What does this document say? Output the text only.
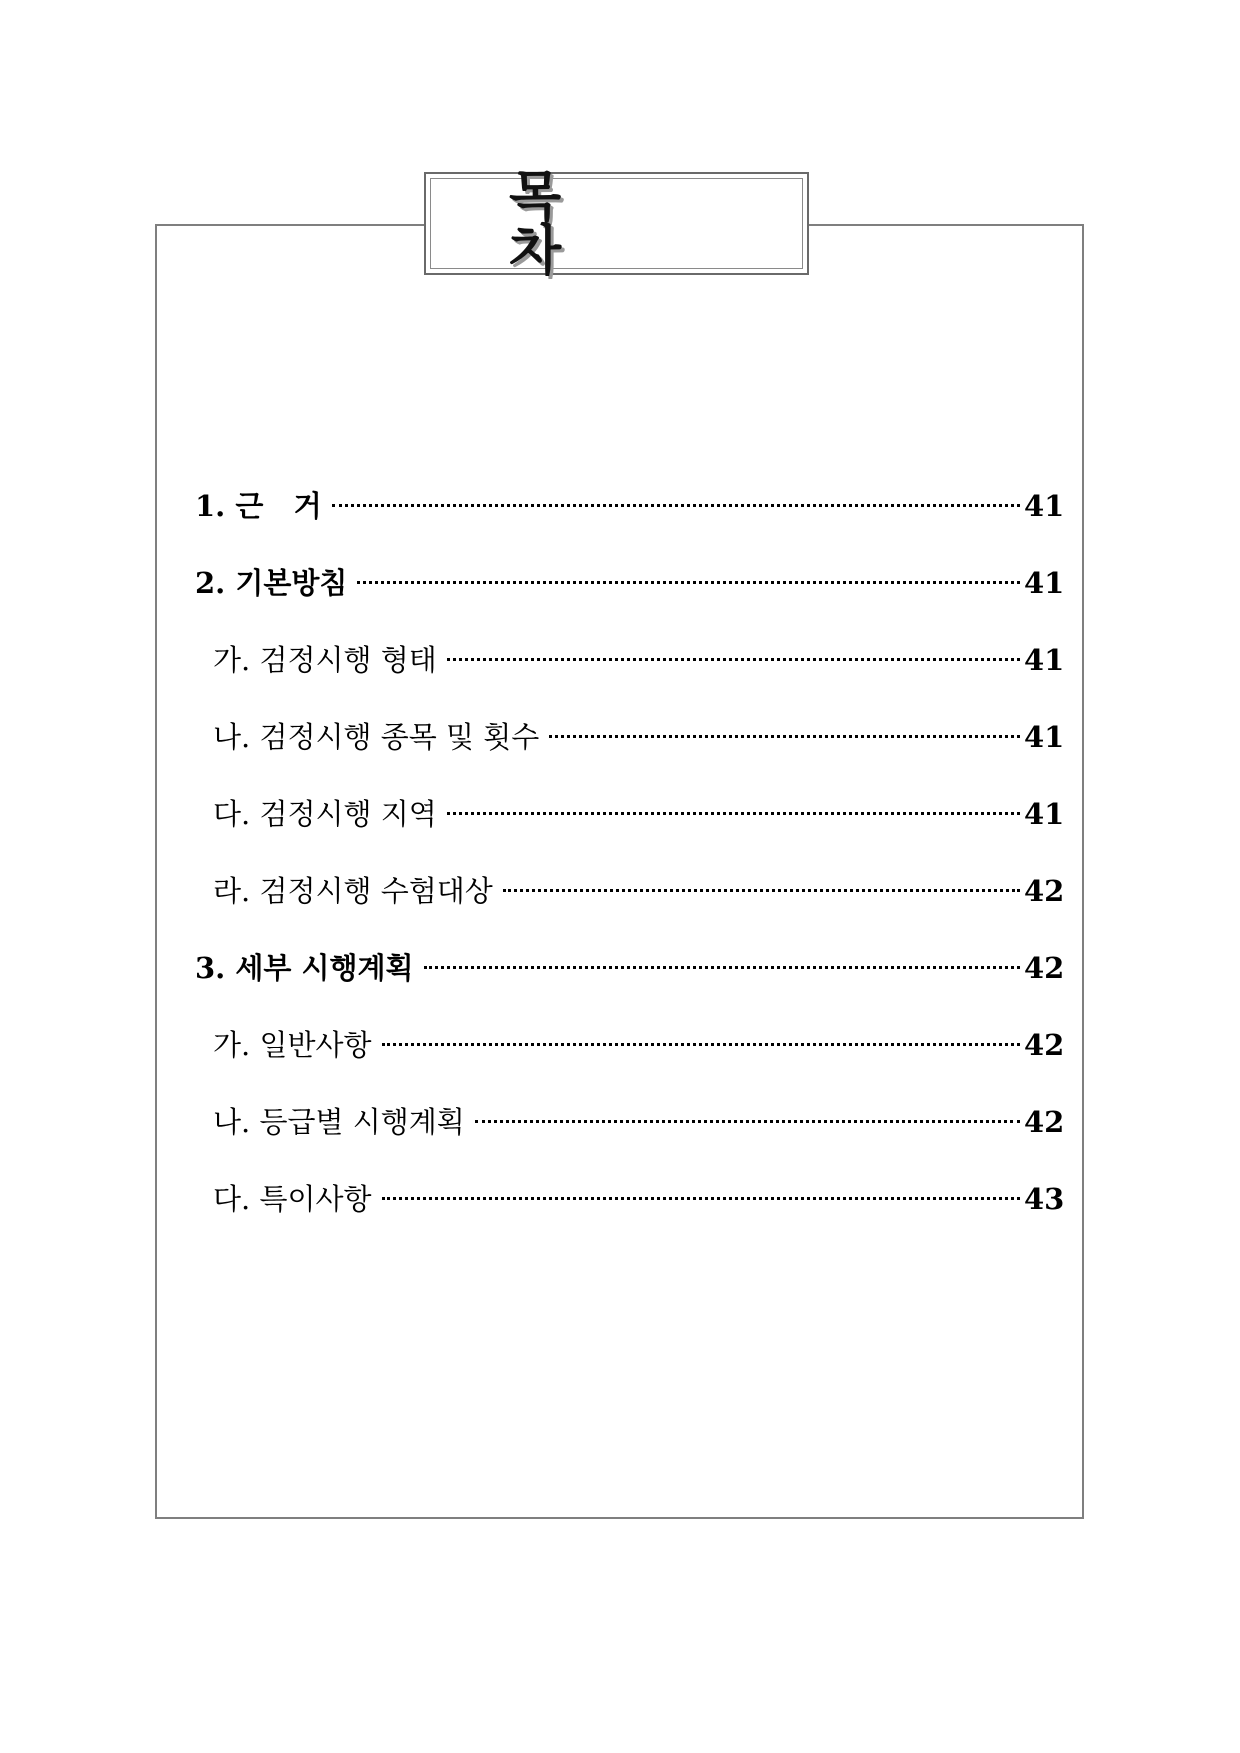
목 차
1. 근   거	41
2. 기본방침	41
가. 검정시행 형태	41
나. 검정시행 종목 및 횟수	41
다. 검정시행 지역	41
라. 검정시행 수험대상	42
3. 세부 시행계획	42
가. 일반사항	42
나. 등급별 시행계획	42
다. 특이사항	43
